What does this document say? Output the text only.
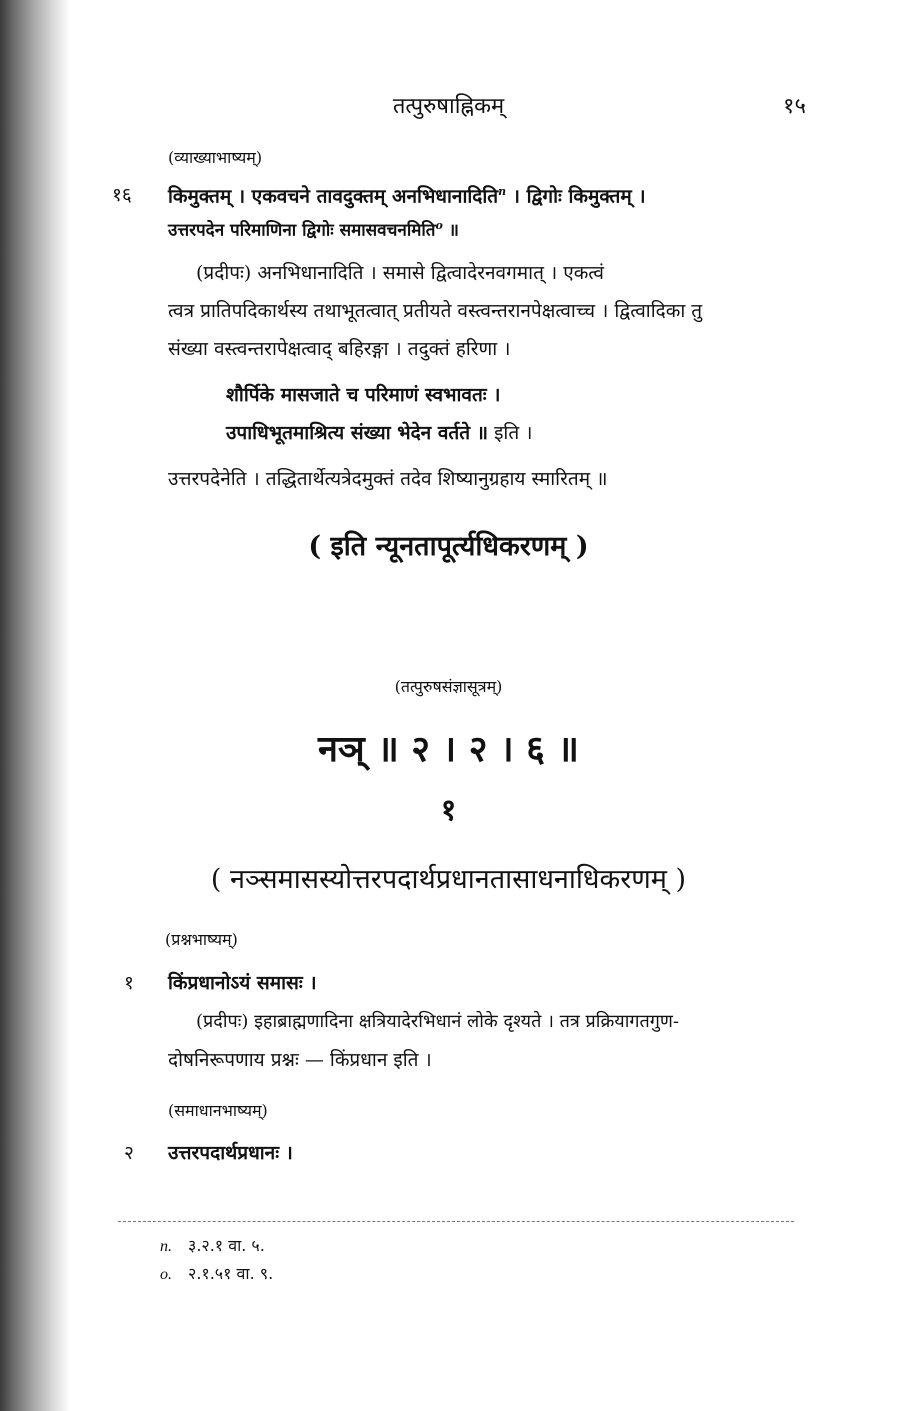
तत्पुरुषाह्निकम्	१५
(व्याख्याभाष्यम्)
१६ किमुक्तम् । एकवचने तावदुक्तम् अनभिधानादिति$^n$ । द्विगोः किमुक्तम् ।
उत्तरपदेन परिमाणिना द्विगोः समासवचनमिति$^o$ ॥
(प्रदीपः) अनभिधानादिति । समासे द्वित्वादेरनवगमात् । एकत्वं
त्वत्र प्रातिपदिकार्थस्य तथाभूतत्वात् प्रतीयते वस्त्वन्तरानपेक्षत्वाच्च । द्वित्वादिका तु
संख्या वस्त्वन्तरापेक्षत्वाद् बहिरङ्गा । तदुक्तं हरिणा ।
शौर्पिके मासजाते च परिमाणं स्वभावतः ।
उपाधिभूतमाश्रित्य संख्या भेदेन वर्तते ॥ इति ।
उत्तरपदेनेति । तद्धितार्थेत्यत्रेदमुक्तं तदेव शिष्यानुग्रहाय स्मारितम् ॥
( इति न्यूनतापूर्त्यधिकरणम् )
(तत्पुरुषसंज्ञासूत्रम्)
नञ् ॥ २ । २ । ६ ॥
१
( नञ्समासस्योत्तरपदार्थप्रधानतासाधनाधिकरणम् )
(प्रश्नभाष्यम्)
१ किंप्रधानोऽयं समासः ।
(प्रदीपः) इहाब्राह्मणादिना क्षत्रियादेरभिधानं लोके दृश्यते । तत्र प्रक्रियागतगुण-
दोषनिरूपणाय प्रश्नः — किंप्रधान इति ।
(समाधानभाष्यम्)
२ उत्तरपदार्थप्रधानः ।
n. ३.२.१ वा. ५.
o. २.१.५१ वा. ९.
